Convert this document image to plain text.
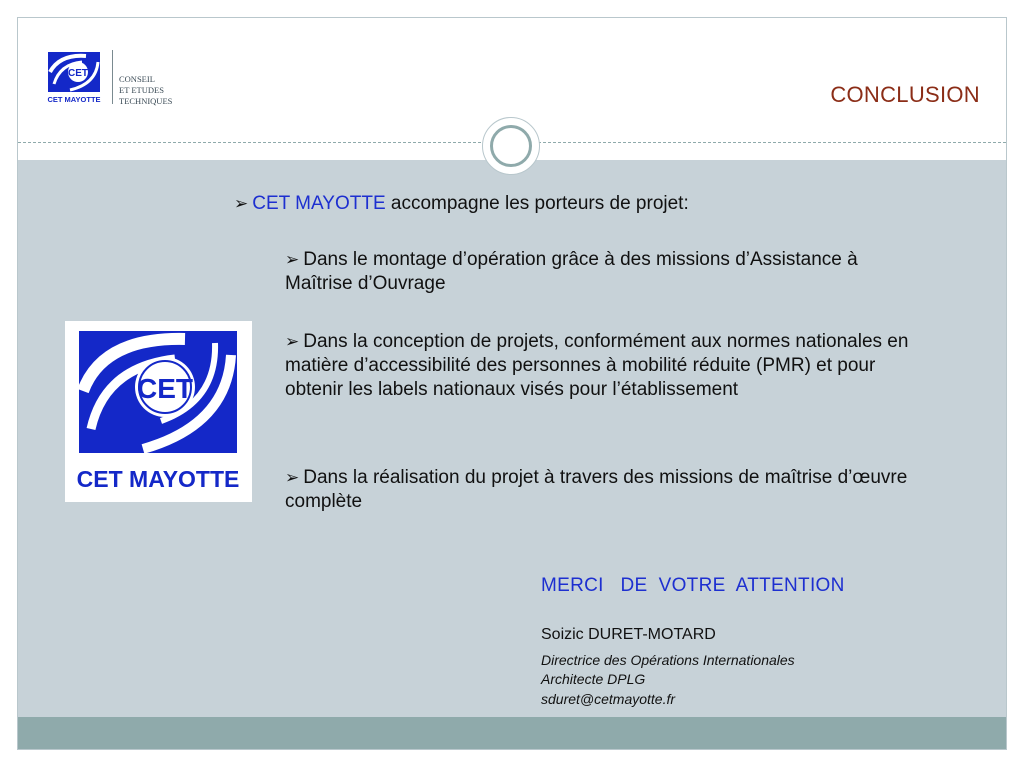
CET
CET MAYOTTE
CONSEIL
ET ETUDES
TECHNIQUES	CONCLUSION
CET
CET MAYOTTE
➢ CET MAYOTTE accompagne les porteurs de projet:
➢ Dans le montage d’opération grâce à des missions d’Assistance à Maîtrise d’Ouvrage
➢ Dans la conception de projets, conformément aux normes nationales en matière d’accessibilité des personnes à mobilité réduite (PMR) et pour obtenir les labels nationaux visés pour l’établissement
➢ Dans la réalisation du projet à travers des missions de maîtrise d’œuvre complète
MERCI   DE  VOTRE  ATTENTION
Soizic DURET-MOTARD
Directrice des Opérations Internationales
Architecte DPLG
sduret@cetmayotte.fr
